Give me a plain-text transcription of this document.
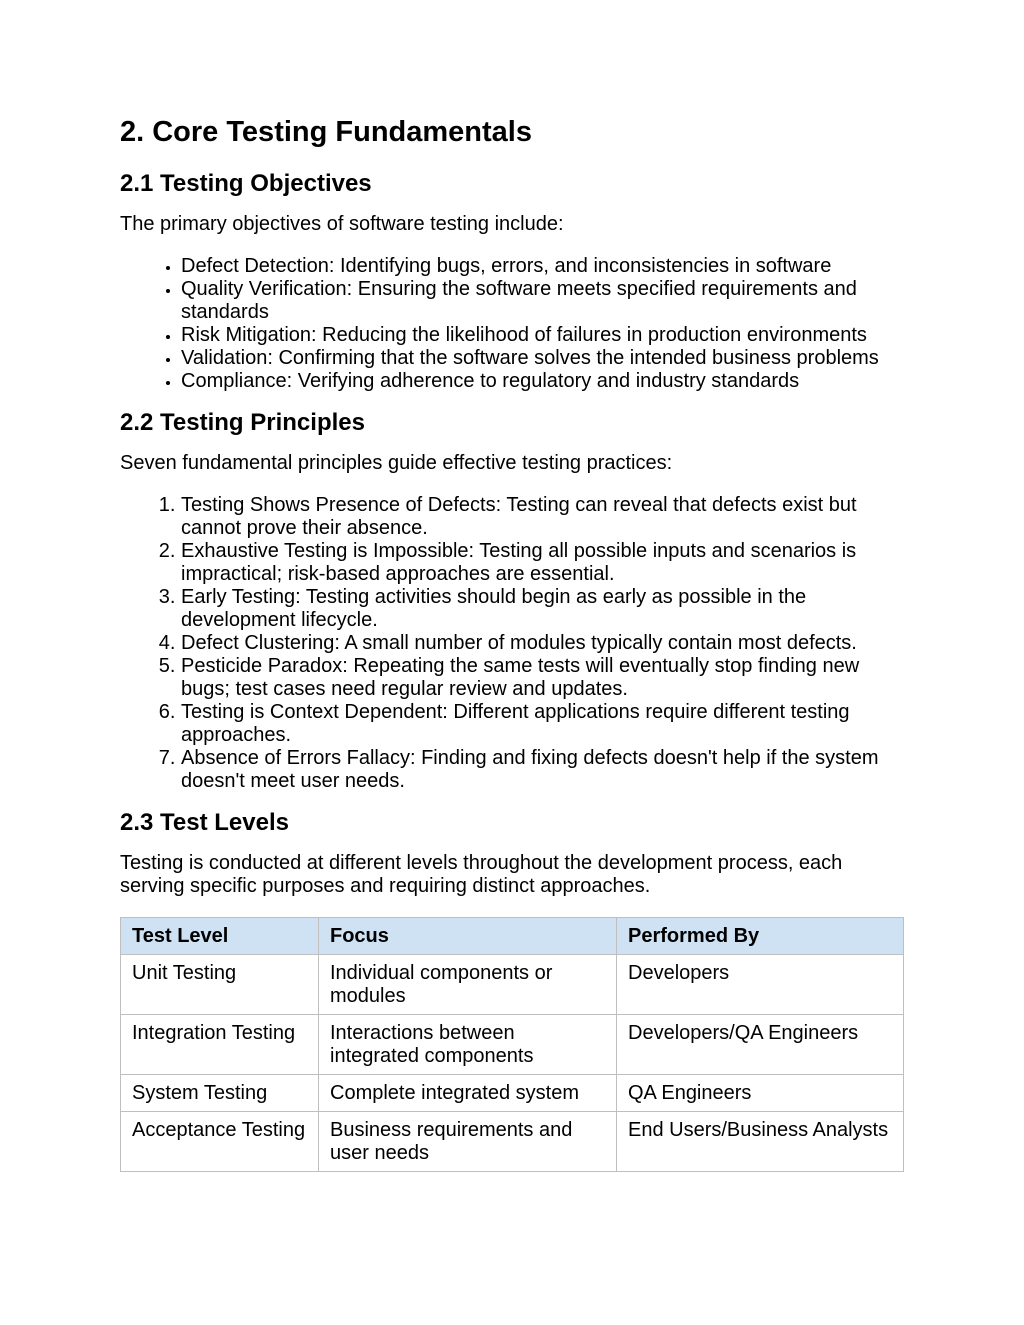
2. Core Testing Fundamentals
2.1 Testing Objectives

The primary objectives of software testing include:

• Defect Detection: Identifying bugs, errors, and inconsistencies in software
• Quality Verification: Ensuring the software meets specified requirements and standards
• Risk Mitigation: Reducing the likelihood of failures in production environments
• Validation: Confirming that the software solves the intended business problems
• Compliance: Verifying adherence to regulatory and industry standards
2.2 Testing Principles

Seven fundamental principles guide effective testing practices:

1. Testing Shows Presence of Defects: Testing can reveal that defects exist but cannot prove their absence.
2. Exhaustive Testing is Impossible: Testing all possible inputs and scenarios is impractical; risk-based approaches are essential.
3. Early Testing: Testing activities should begin as early as possible in the development lifecycle.
4. Defect Clustering: A small number of modules typically contain most defects.
5. Pesticide Paradox: Repeating the same tests will eventually stop finding new bugs; test cases need regular review and updates.
6. Testing is Context Dependent: Different applications require different testing approaches.
7. Absence of Errors Fallacy: Finding and fixing defects doesn't help if the system doesn't meet user needs.
2.3 Test Levels

Testing is conducted at different levels throughout the development process, each serving specific purposes and requiring distinct approaches.

Test Level	Focus	Performed By
Unit Testing	Individual components or modules	Developers
Integration Testing	Interactions between integrated components	Developers/QA Engineers
System Testing	Complete integrated system	QA Engineers
Acceptance Testing	Business requirements and user needs	End Users/Business Analysts
